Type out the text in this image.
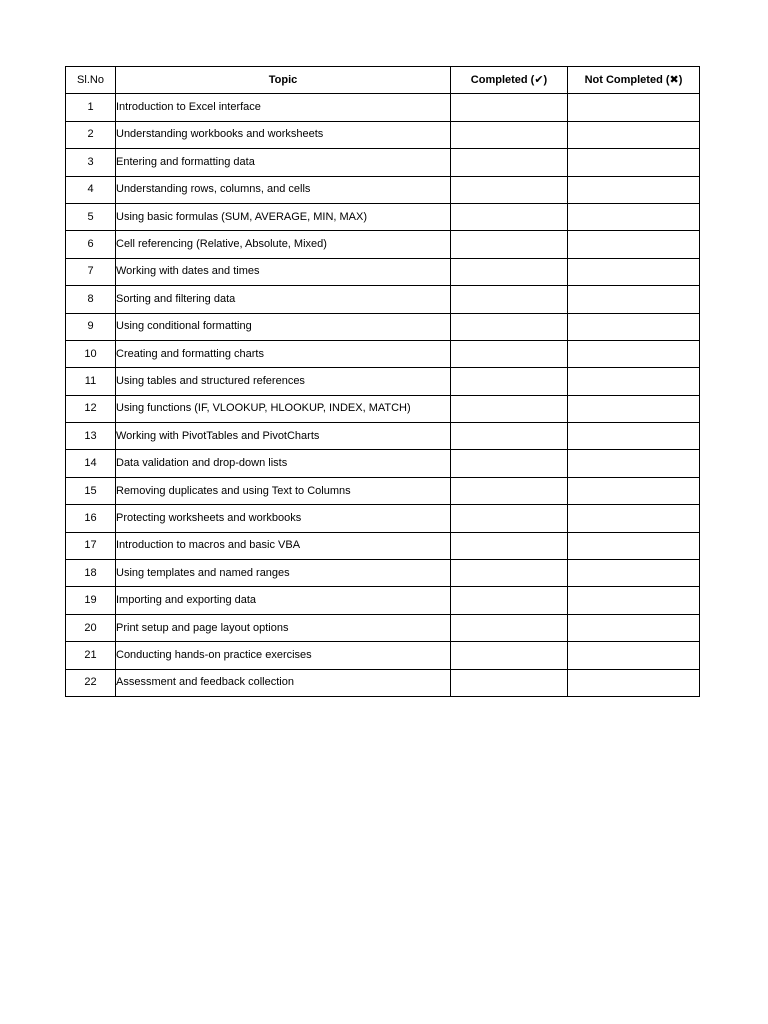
Sl.No	Topic	Completed (✔)	Not Completed (✖)
1	Introduction to Excel interface		
2	Understanding workbooks and worksheets		
3	Entering and formatting data		
4	Understanding rows, columns, and cells		
5	Using basic formulas (SUM, AVERAGE, MIN, MAX)		
6	Cell referencing (Relative, Absolute, Mixed)		
7	Working with dates and times		
8	Sorting and filtering data		
9	Using conditional formatting		
10	Creating and formatting charts		
11	Using tables and structured references		
12	Using functions (IF, VLOOKUP, HLOOKUP, INDEX, MATCH)		
13	Working with PivotTables and PivotCharts		
14	Data validation and drop-down lists		
15	Removing duplicates and using Text to Columns		
16	Protecting worksheets and workbooks		
17	Introduction to macros and basic VBA		
18	Using templates and named ranges		
19	Importing and exporting data		
20	Print setup and page layout options		
21	Conducting hands-on practice exercises		
22	Assessment and feedback collection		
